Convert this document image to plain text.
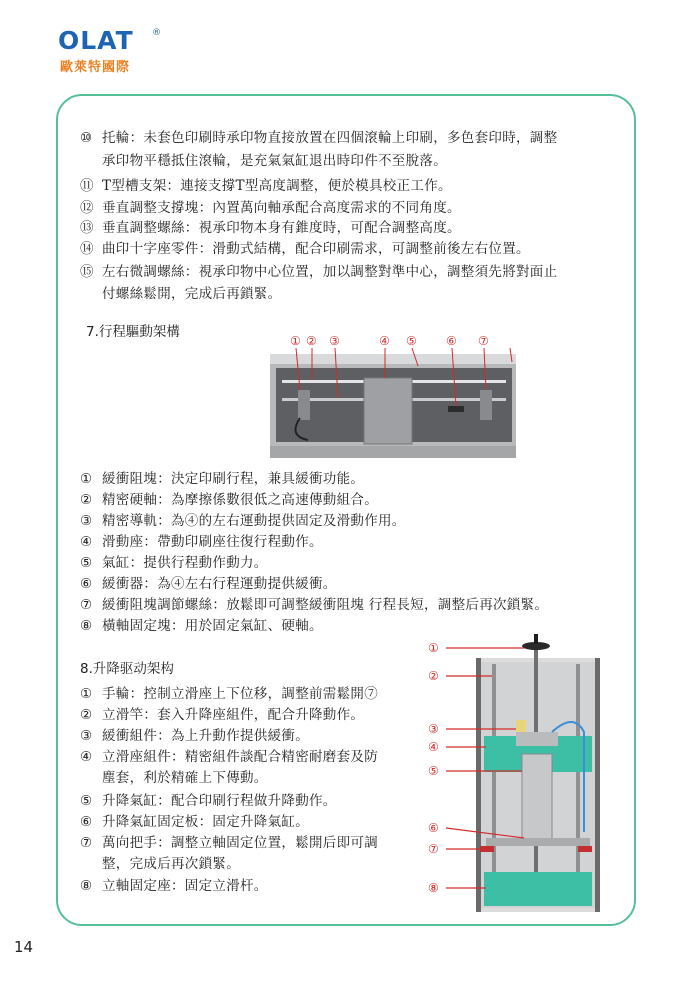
OLAT ®
歐萊特國際
⑩ 托輪：未套色印刷時承印物直接放置在四個滾輪上印刷，多色套印時，調整
承印物平穩抵住滾輪，是充氣氣缸退出時印件不至脫落。
⑪ T型槽支架：連接支撐T型高度調整，便於模具校正工作。
⑫ 垂直調整支撐塊：內置萬向軸承配合高度需求的不同角度。
⑬ 垂直調整螺絲：視承印物本身有錐度時，可配合調整高度。
⑭ 曲印十字座零件：滑動式結構，配合印刷需求，可調整前後左右位置。
⑮ 左右微調螺絲：視承印物中心位置，加以調整對準中心，調整須先將對面止
付螺絲鬆開，完成后再鎖緊。
7.行程驅動架構
① ② ③	④ ⑤ ⑥ ⑦
① 緩衝阻塊：決定印刷行程，兼具緩衝功能。
② 精密硬軸：為摩擦係數很低之高速傳動組合。
③ 精密導軌：為④的左右運動提供固定及滑動作用。
④ 滑動座：帶動印刷座往復行程動作。
⑤ 氣缸：提供行程動作動力。
⑥ 緩衝器：為④左右行程運動提供緩衝。
⑦ 緩衝阻塊調節螺絲：放鬆即可調整緩衝阻塊 行程長短，調整后再次鎖緊。
⑧ 橫軸固定塊：用於固定氣缸、硬軸。
8.升降驱动架构
① 手輪：控制立滑座上下位移，調整前需鬆開⑦
② 立滑竿：套入升降座組件，配合升降動作。
③ 緩衝組件：為上升動作提供緩衝。
④ 立滑座組件：精密組件談配合精密耐磨套及防
塵套，利於精確上下傳動。
⑤ 升降氣缸：配合印刷行程做升降動作。
⑥ 升降氣缸固定板：固定升降氣缸。
⑦ 萬向把手：調整立軸固定位置，鬆開后即可調
整，完成后再次鎖緊。
⑧ 立軸固定座：固定立滑杆。
①
②
③
④
⑤
⑥
⑦
⑧
14
